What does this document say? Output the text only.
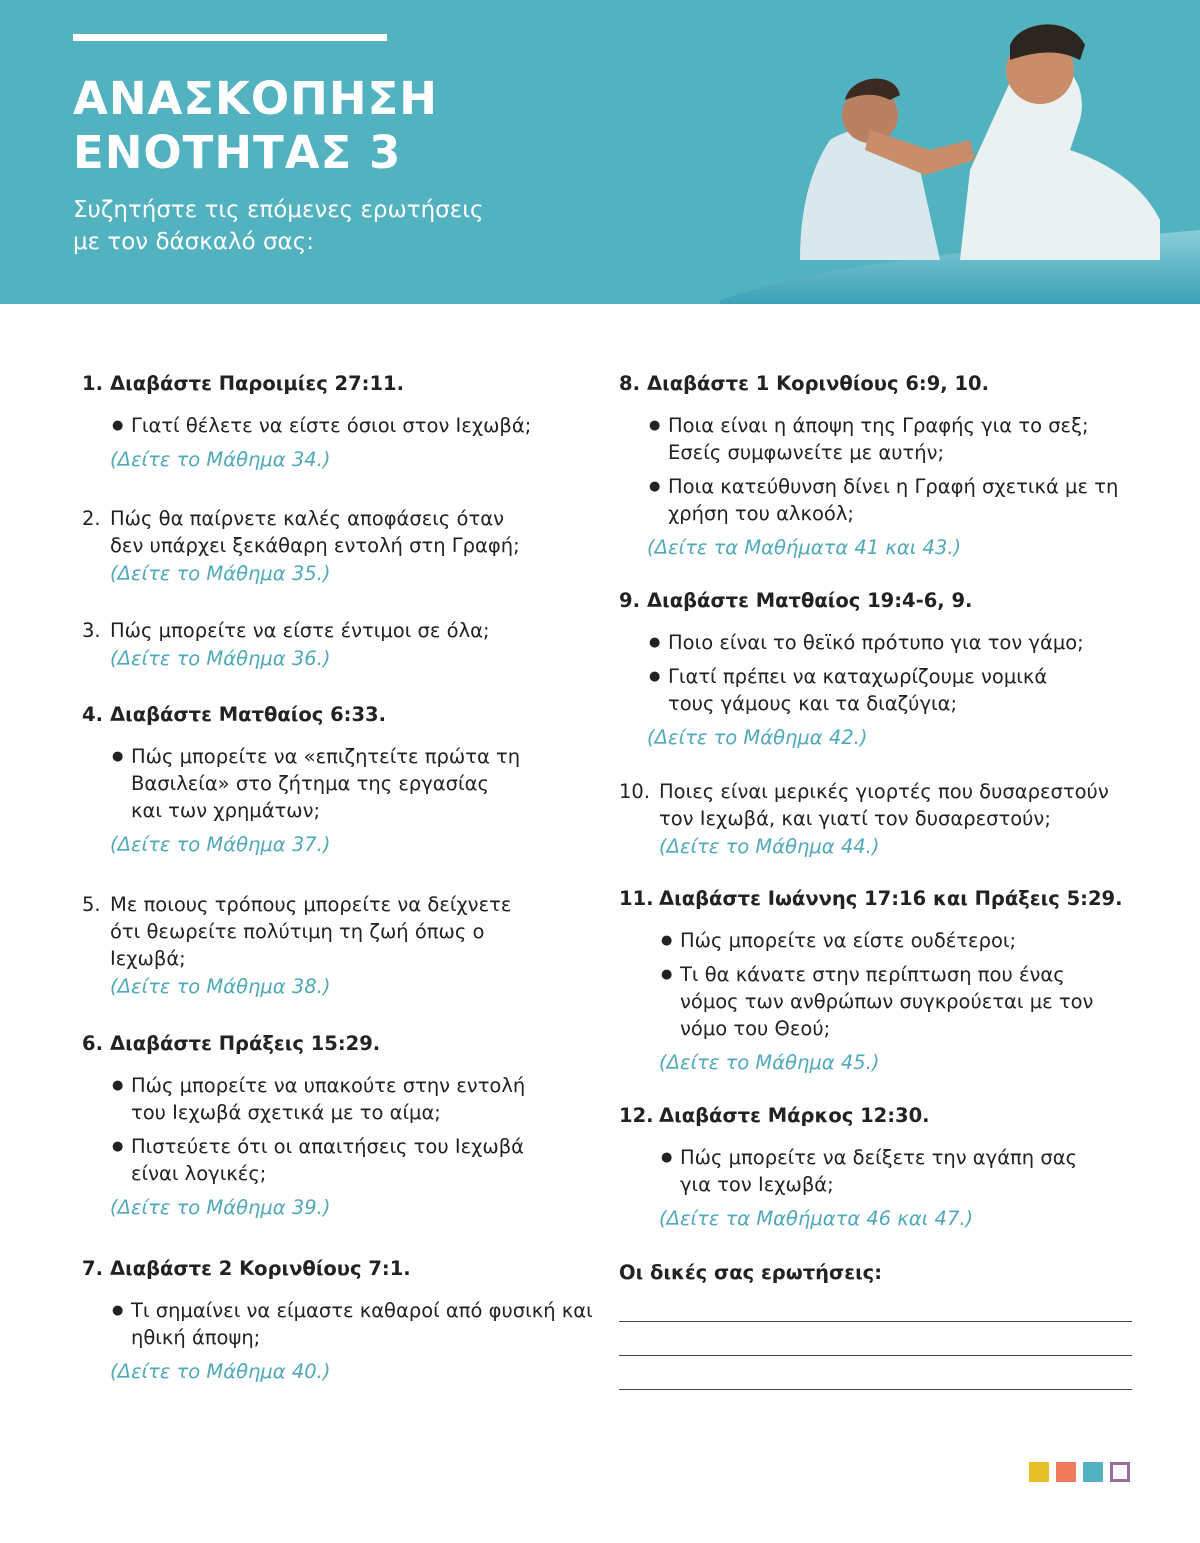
ΑΝΑΣΚΟΠΗΣΗ
ΕΝΟΤΗΤΑΣ 3
Συζητήστε τις επόμενες ερωτήσεις
με τον δάσκαλό σας:
1. Διαβάστε Παροιμίες 27:11.
● Γιατί θέλετε να είστε όσιοι στον Ιεχωβά;
(Δείτε το Μάθημα 34.)
2. Πώς θα παίρνετε καλές αποφάσεις όταν δεν υπάρχει ξεκάθαρη εντολή στη Γραφή;
(Δείτε το Μάθημα 35.)
3. Πώς μπορείτε να είστε έντιμοι σε όλα;
(Δείτε το Μάθημα 36.)
4. Διαβάστε Ματθαίος 6:33.
● Πώς μπορείτε να «επιζητείτε πρώτα τη Βασιλεία» στο ζήτημα της εργασίας και των χρημάτων;
(Δείτε το Μάθημα 37.)
5. Με ποιους τρόπους μπορείτε να δείχνετε ότι θεωρείτε πολύτιμη τη ζωή όπως ο Ιεχωβά;
(Δείτε το Μάθημα 38.)
6. Διαβάστε Πράξεις 15:29.
● Πώς μπορείτε να υπακούτε στην εντολή του Ιεχωβά σχετικά με το αίμα;
● Πιστεύετε ότι οι απαιτήσεις του Ιεχωβά είναι λογικές;
(Δείτε το Μάθημα 39.)
7. Διαβάστε 2 Κορινθίους 7:1.
● Τι σημαίνει να είμαστε καθαροί από φυσική και ηθική άποψη;
(Δείτε το Μάθημα 40.)
8. Διαβάστε 1 Κορινθίους 6:9, 10.
● Ποια είναι η άποψη της Γραφής για το σεξ; Εσείς συμφωνείτε με αυτήν;
● Ποια κατεύθυνση δίνει η Γραφή σχετικά με τη χρήση του αλκοόλ;
(Δείτε τα Μαθήματα 41 και 43.)
9. Διαβάστε Ματθαίος 19:4-6, 9.
● Ποιο είναι το θεϊκό πρότυπο για τον γάμο;
● Γιατί πρέπει να καταχωρίζουμε νομικά τους γάμους και τα διαζύγια;
(Δείτε το Μάθημα 42.)
10. Ποιες είναι μερικές γιορτές που δυσαρεστούν τον Ιεχωβά, και γιατί τον δυσαρεστούν;
(Δείτε το Μάθημα 44.)
11. Διαβάστε Ιωάννης 17:16 και Πράξεις 5:29.
● Πώς μπορείτε να είστε ουδέτεροι;
● Τι θα κάνατε στην περίπτωση που ένας νόμος των ανθρώπων συγκρούεται με τον νόμο του Θεού;
(Δείτε το Μάθημα 45.)
12. Διαβάστε Μάρκος 12:30.
● Πώς μπορείτε να δείξετε την αγάπη σας για τον Ιεχωβά;
(Δείτε τα Μαθήματα 46 και 47.)
Οι δικές σας ερωτήσεις:
